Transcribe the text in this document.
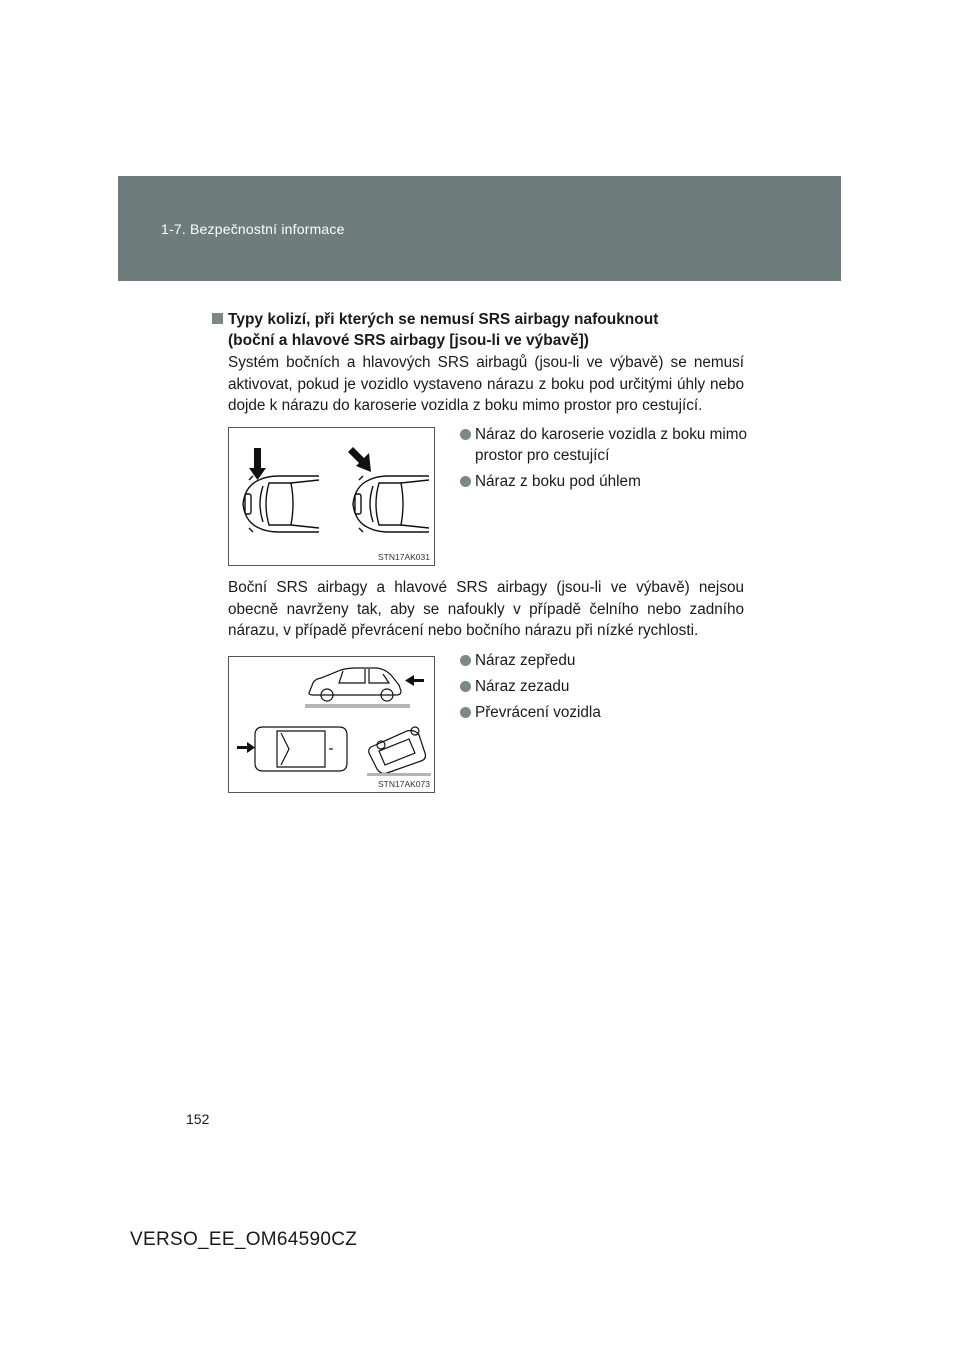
1-7. Bezpečnostní informace
Typy kolizí, při kterých se nemusí SRS airbagy nafouknout
(boční a hlavové SRS airbagy [jsou-li ve výbavě])
Systém bočních a hlavových SRS airbagů (jsou-li ve výbavě) se nemusí aktivovat, pokud je vozidlo vystaveno nárazu z boku pod určitými úhly nebo dojde k nárazu do karoserie vozidla z boku mimo prostor pro cestující.
STN17AK031
Náraz do karoserie vozidla z boku mimo prostor pro cestující
Náraz z boku pod úhlem
Boční SRS airbagy a hlavové SRS airbagy (jsou-li ve výbavě) nejsou obecně navrženy tak, aby se nafoukly v případě čelního nebo zadního nárazu, v případě převrácení nebo bočního nárazu při nízké rychlosti.
STN17AK073
Náraz zepředu
Náraz zezadu
Převrácení vozidla
152
VERSO_EE_OM64590CZ
